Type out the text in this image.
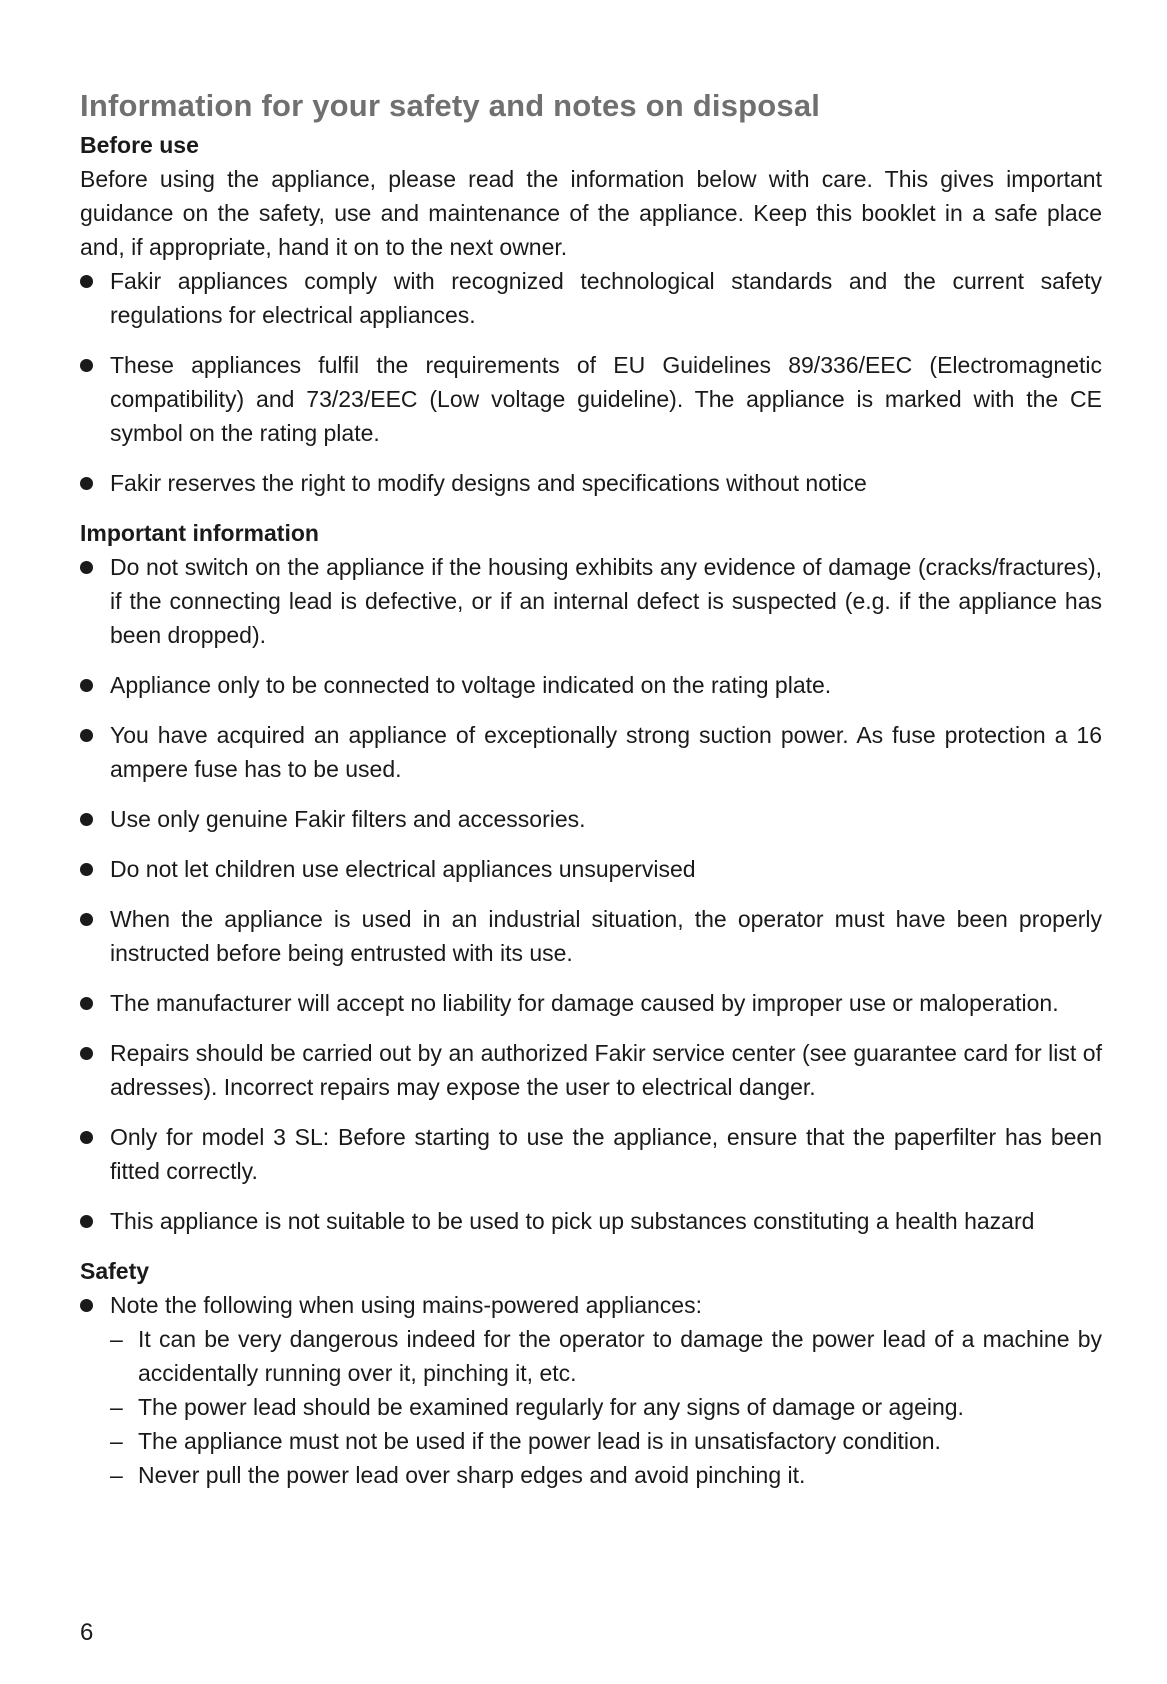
Information for your safety and notes on disposal
Before use

Before using the appliance, please read the information below with care. This gives important guidance on the safety, use and maintenance of the appliance. Keep this booklet in a safe place and, if appropriate, hand it on to the next owner.

Fakir appliances comply with recognized technological standards and the current safety regulations for electrical appliances.
These appliances fulfil the requirements of EU Guidelines 89/336/EEC (Electromagnetic compatibility) and 73/23/EEC (Low voltage guideline). The appliance is marked with the CE symbol on the rating plate.
Fakir reserves the right to modify designs and specifications without notice
Important information
Do not switch on the appliance if the housing exhibits any evidence of damage (cracks/fractures), if the connecting lead is defective, or if an internal defect is suspected (e.g. if the appliance has been dropped).
Appliance only to be connected to voltage indicated on the rating plate.
You have acquired an appliance of exceptionally strong suction power. As fuse protection a 16 ampere fuse has to be used.
Use only genuine Fakir filters and accessories.
Do not let children use electrical appliances unsupervised
When the appliance is used in an industrial situation, the operator must have been properly instructed before being entrusted with its use.
The manufacturer will accept no liability for damage caused by improper use or maloperation.
Repairs should be carried out by an authorized Fakir service center (see guarantee card for list of adresses). Incorrect repairs may expose the user to electrical danger.
Only for model 3 SL: Before starting to use the appliance, ensure that the paperfilter has been fitted correctly.
This appliance is not suitable to be used to pick up substances constituting a health hazard
Safety
Note the following when using mains-powered appliances:
– It can be very dangerous indeed for the operator to damage the power lead of a machine by accidentally running over it, pinching it, etc.
– The power lead should be examined regularly for any signs of damage or ageing.
– The appliance must not be used if the power lead is in unsatisfactory condition.
– Never pull the power lead over sharp edges and avoid pinching it.
6
